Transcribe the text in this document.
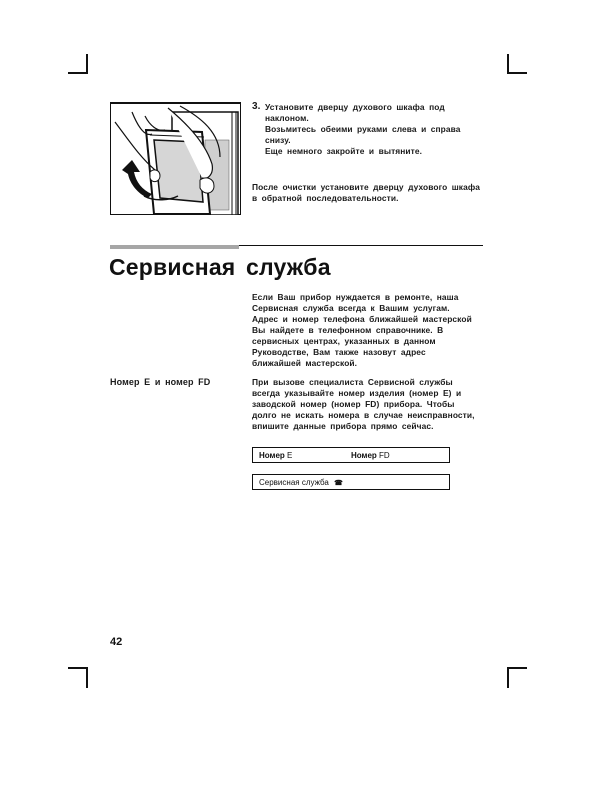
3. Установите дверцу духового шкафа под

наклоном.

Возьмитесь обеими руками слева и справа

снизу.

Еще немного закройте и вытяните.

После очистки установите дверцу духового шкафа

в обратной последовательности.

Сервисная служба

Если Ваш прибор нуждается в ремонте, наша

Сервисная служба всегда к Вашим услугам.

Адрес и номер телефона ближайшей мастерской

Вы найдете в телефонном справочнике. В

сервисных центрах, указанных в данном

Руководстве, Вам также назовут адрес

ближайшей мастерской.

Номер E и номер FD	При вызове специалиста Сервисной службы

всегда указывайте номер изделия (номер E) и

заводской номер (номер FD) прибора. Чтобы

долго не искать номера в случае неисправности,

впишите данные прибора прямо сейчас.

Номер E	Номер FD
Сервисная служба ☎
42
